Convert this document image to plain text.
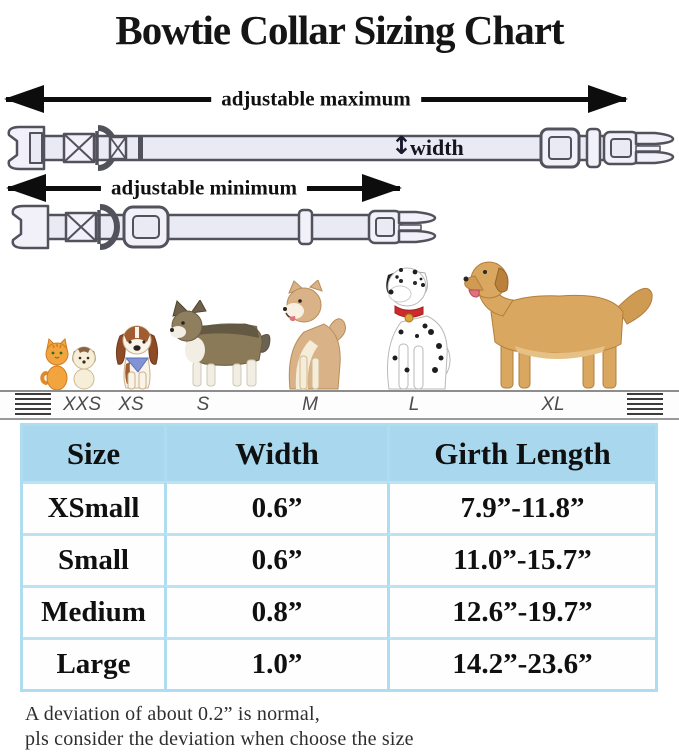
Bowtie Collar Sizing Chart
adjustable maximum
↕
width
adjustable minimum
XXS XS	S	M	L	XL
Size	Width	Girth Length
XSmall	0.6”	7.9”-11.8”
Small	0.6”	11.0”-15.7”
Medium	0.8”	12.6”-19.7”
Large	1.0”	14.2”-23.6”

A deviation of about 0.2” is normal,

pls consider the deviation when choose the size
